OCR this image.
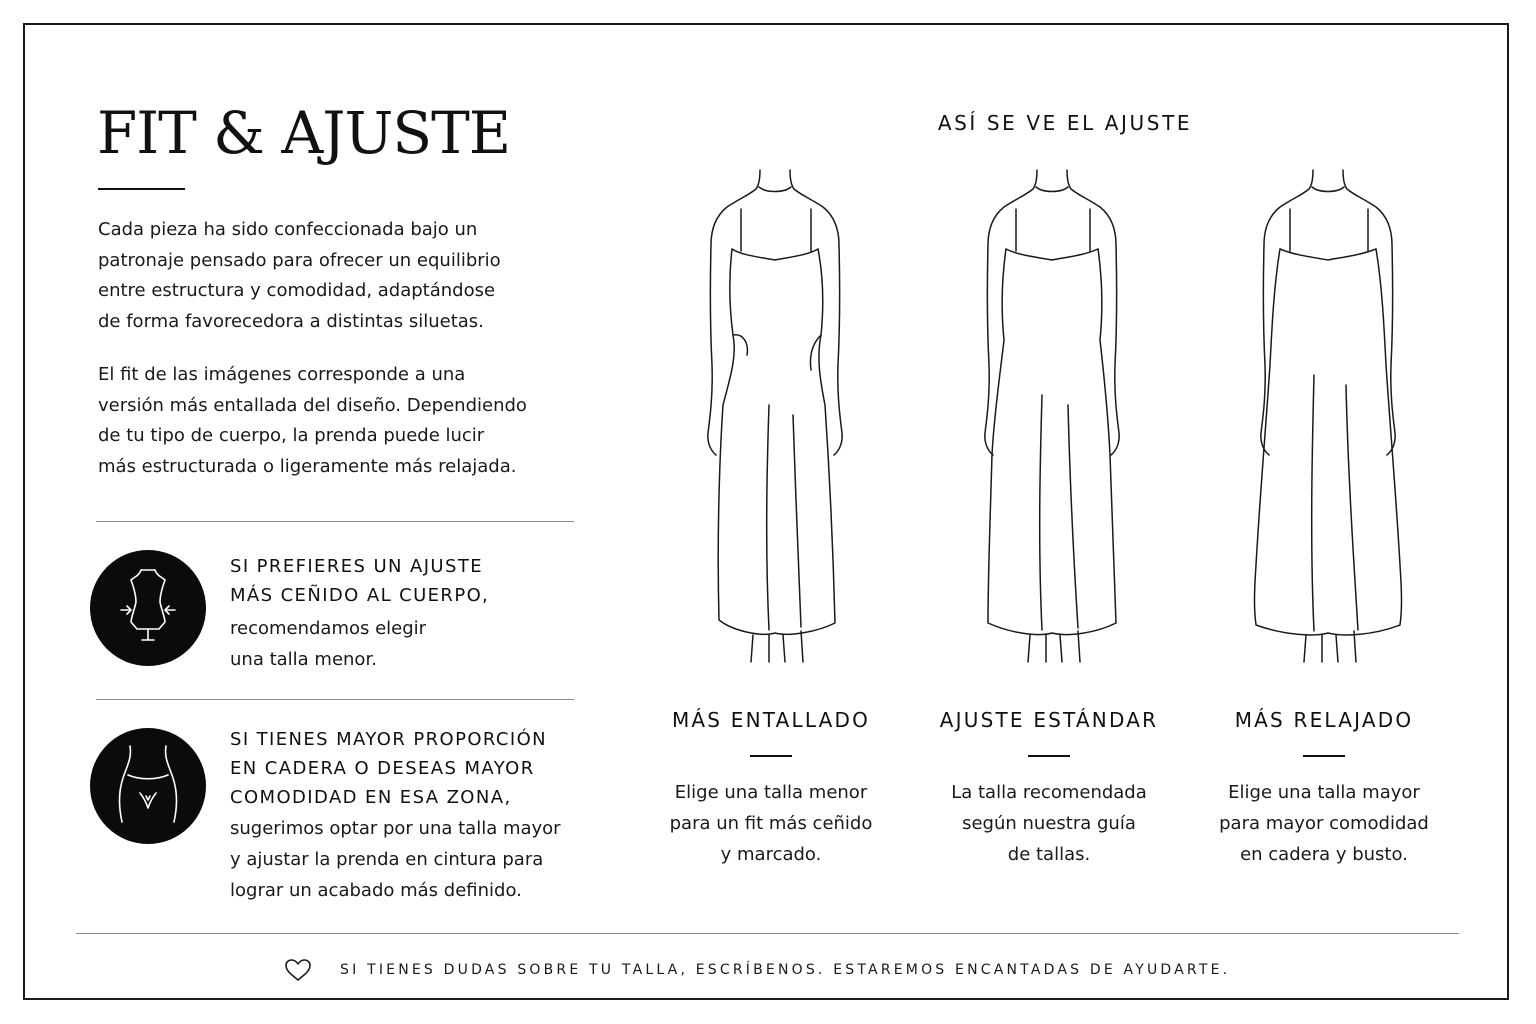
FIT & AJUSTE

Cada pieza ha sido confeccionada bajo un
patronaje pensado para ofrecer un equilibrio
entre estructura y comodidad, adaptándose
de forma favorecedora a distintas siluetas.

El fit de las imágenes corresponde a una
versión más entallada del diseño. Dependiendo
de tu tipo de cuerpo, la prenda puede lucir
más estructurada o ligeramente más relajada.

SI PREFIERES UN AJUSTE
MÁS CEÑIDO AL CUERPO,
recomendamos elegir
una talla menor.
SI TIENES MAYOR PROPORCIÓN
EN CADERA O DESEAS MAYOR
COMODIDAD EN ESA ZONA,
sugerimos optar por una talla mayor
y ajustar la prenda en cintura para
lograr un acabado más definido.
ASÍ SE VE EL AJUSTE
MÁS ENTALLADO
Elige una talla menor
para un fit más ceñido
y marcado.
AJUSTE ESTÁNDAR
La talla recomendada
según nuestra guía
de tallas.
MÁS RELAJADO
Elige una talla mayor
para mayor comodidad
en cadera y busto.
SI TIENES DUDAS SOBRE TU TALLA, ESCRÍBENOS. ESTAREMOS ENCANTADAS DE AYUDARTE.
